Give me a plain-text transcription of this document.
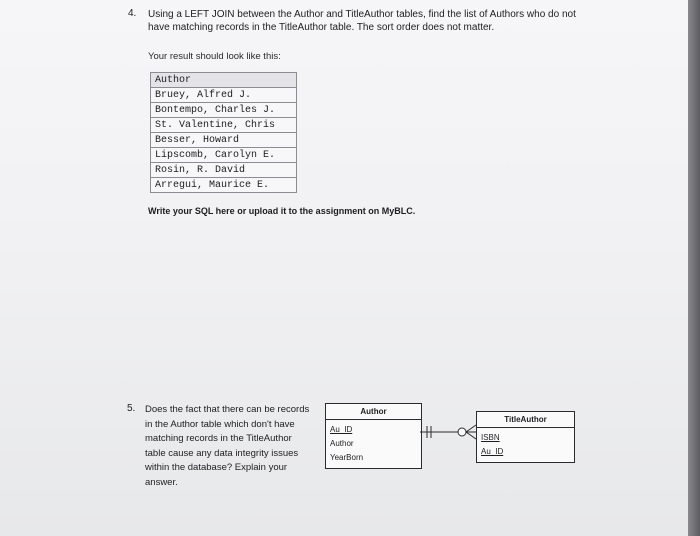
4. Using a LEFT JOIN between the Author and TitleAuthor tables, find the list of Authors who do not have matching records in the TitleAuthor table. The sort order does not matter.
Your result should look like this:
Author
Bruey, Alfred J.
Bontempo, Charles J.
St. Valentine, Chris
Besser, Howard
Lipscomb, Carolyn E.
Rosin, R. David
Arregui, Maurice E.
Write your SQL here or upload it to the assignment on MyBLC.
5. Does the fact that there can be records in the Author table which don't have matching records in the TitleAuthor table cause any data integrity issues within the database? Explain your answer.
Author
Au_ID
Author
YearBorn
TitleAuthor
ISBN
Au_ID
